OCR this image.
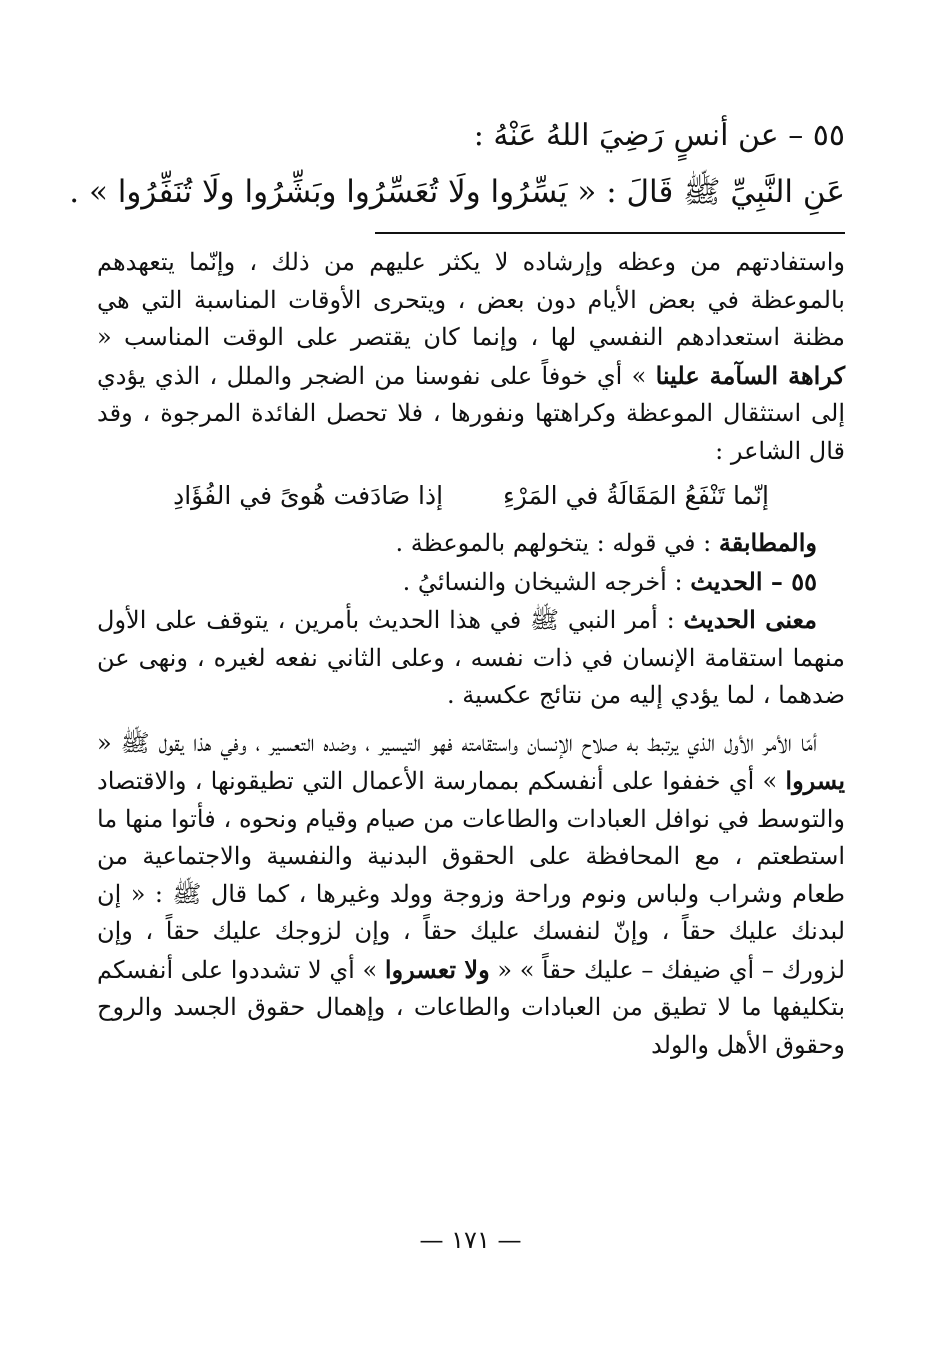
٥٥ – عن أنسٍ رَضِيَ اللهُ عَنْهُ :
عَنِ النَّبِيِّ ﷺ قَالَ : « يَسِّرُوا ولَا تُعَسِّرُوا وبَشِّرُوا ولَا تُنَفِّرُوا » .

واستفادتهم من وعظه وإرشاده لا يكثر عليهم من ذلك ، وإنّما يتعهدهم بالموعظة في بعض الأيام دون بعض ، ويتحرى الأوقات المناسبة التي هي مظنة استعدادهم النفسي لها ، وإنما كان يقتصر على الوقت المناسب « كراهة السآمة علينا » أي خوفاً على نفوسنا من الضجر والملل ، الذي يؤدي إلى استثقال الموعظة وكراهتها ونفورها ، فلا تحصل الفائدة المرجوة ، وقد قال الشاعر :

إنّما تَنْفَعُ المَقَالَةُ في المَرْءِ
إذا صَادَفت هُوىً في الفُؤَادِ

والمطابقة : في قوله : يتخولهم بالموعظة .

٥٥ – الحديث : أخرجه الشيخان والنسائيُ .

معنى الحديث : أمر النبي ﷺ في هذا الحديث بأمرين ، يتوقف على الأول منهما استقامة الإنسان في ذات نفسه ، وعلى الثاني نفعه لغيره ، ونهى عن ضدهما ، لما يؤدي إليه من نتائج عكسية .

أمّا الأمر الأول الذي يرتبط به صلاح الإنسان واستقامته فهو التيسير ، وضده التعسير ، وفي هذا يقول ﷺ « يسروا » أي خففوا على أنفسكم بممارسة الأعمال التي تطيقونها ، والاقتصاد والتوسط في نوافل العبادات والطاعات من صيام وقيام ونحوه ، فأتوا منها ما استطعتم ، مع المحافظة على الحقوق البدنية والنفسية والاجتماعية من طعام وشراب ولباس ونوم وراحة وزوجة وولد وغيرها ، كما قال ﷺ : « إن لبدنك عليك حقاً ، وإنّ لنفسك عليك حقاً ، وإن لزوجك عليك حقاً ، وإن لزورك – أي ضيفك – عليك حقاً » « ولا تعسروا » أي لا تشددوا على أنفسكم بتكليفها ما لا تطيق من العبادات والطاعات ، وإهمال حقوق الجسد والروح وحقوق الأهل والولد

— ١٧١ —
